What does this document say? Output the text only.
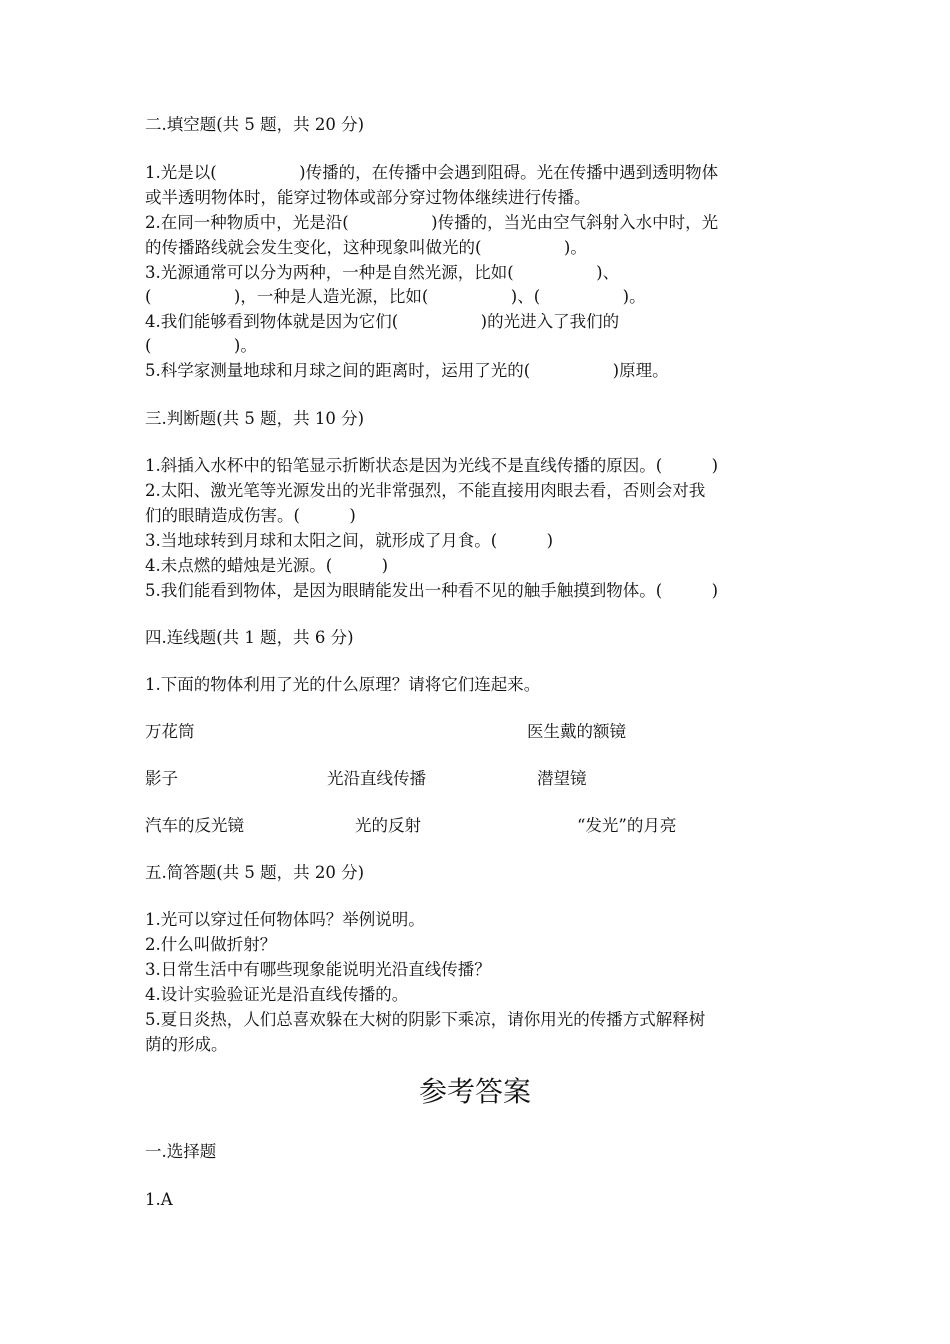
二.填空题(共 5 题，共 20 分)
1.光是以(　　　　　)传播的，在传播中会遇到阻碍。光在传播中遇到透明物体
或半透明物体时，能穿过物体或部分穿过物体继续进行传播。
2.在同一种物质中，光是沿(　　　　　)传播的，当光由空气斜射入水中时，光
的传播路线就会发生变化，这种现象叫做光的(　　　　　)。
3.光源通常可以分为两种，一种是自然光源，比如(　　　　　)、
(　　　　　)，一种是人造光源，比如(　　　　　)、(　　　　　)。
4.我们能够看到物体就是因为它们(　　　　　)的光进入了我们的
(　　　　　)。
5.科学家测量地球和月球之间的距离时，运用了光的(　　　　　)原理。
三.判断题(共 5 题，共 10 分)
1.斜插入水杯中的铅笔显示折断状态是因为光线不是直线传播的原因。(　　　)
2.太阳、激光笔等光源发出的光非常强烈，不能直接用肉眼去看，否则会对我
们的眼睛造成伤害。(　　　)
3.当地球转到月球和太阳之间，就形成了月食。(　　　)
4.未点燃的蜡烛是光源。(　　　)
5.我们能看到物体，是因为眼睛能发出一种看不见的触手触摸到物体。(　　　)
四.连线题(共 1 题，共 6 分)
1.下面的物体利用了光的什么原理？请将它们连起来。
万花筒	医生戴的额镜
影子	光沿直线传播	潜望镜
汽车的反光镜	光的反射	“发光”的月亮
五.简答题(共 5 题，共 20 分)
1.光可以穿过任何物体吗？举例说明。
2.什么叫做折射？
3.日常生活中有哪些现象能说明光沿直线传播？
4.设计实验验证光是沿直线传播的。
5.夏日炎热，人们总喜欢躲在大树的阴影下乘凉，请你用光的传播方式解释树
荫的形成。
参考答案
一.选择题
1.A
